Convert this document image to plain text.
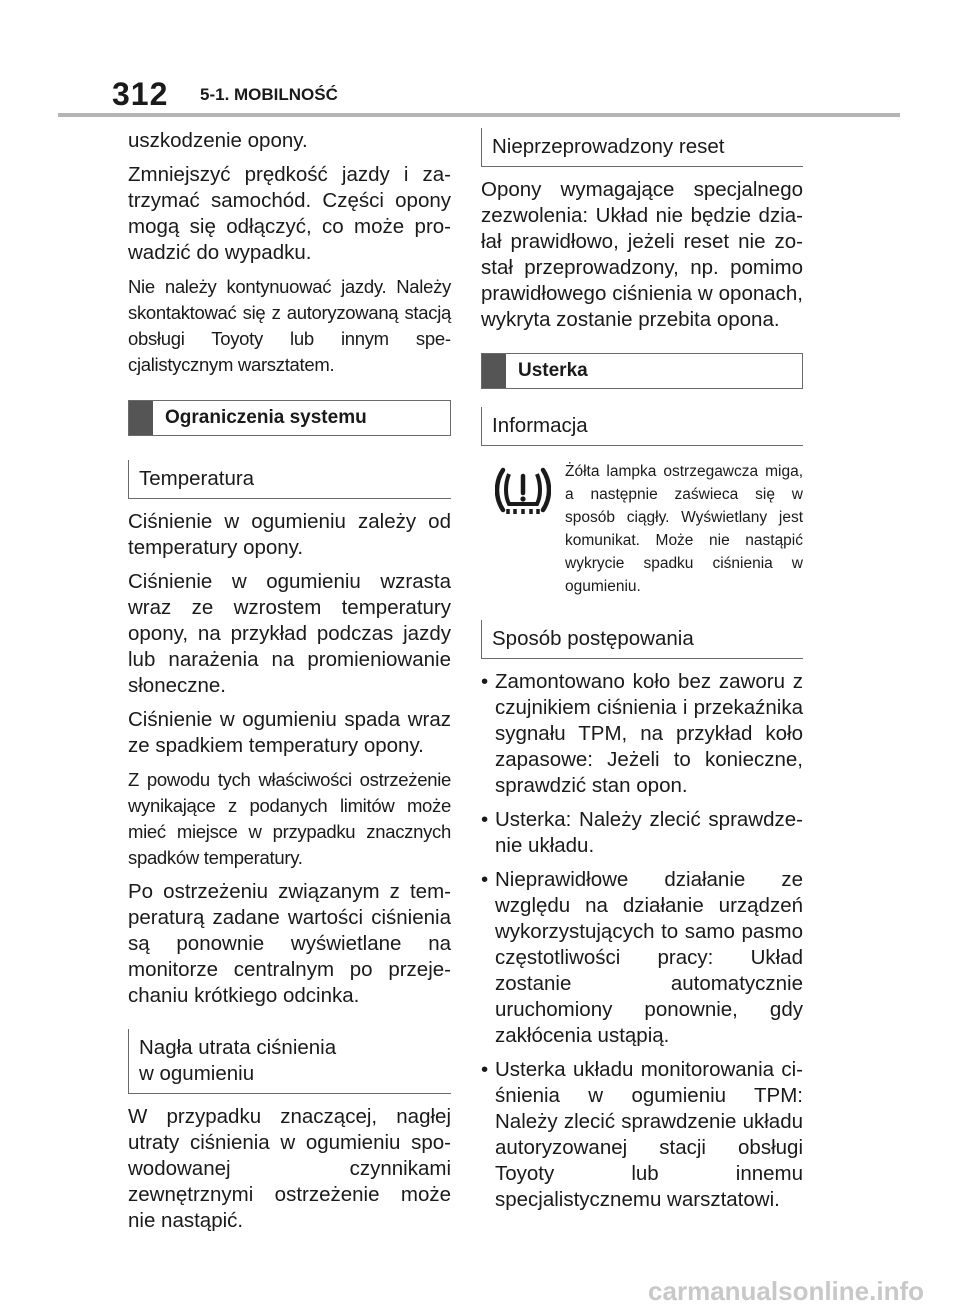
312 5-1. MOBILNOŚĆ

uszkodzenie opony.

Zmniejszyć prędkość jazdy i zatrzymać samochód. Części opony mogą się odłączyć, co może prowadzić do wypadku.

Nie należy kontynuować jazdy. Należy skontaktować się z autoryzowaną stacją obsługi Toyoty lub innym specjalistycznym warsztatem.

Ograniczenia systemu
Temperatura

Ciśnienie w ogumieniu zależy od temperatury opony.

Ciśnienie w ogumieniu wzrasta wraz ze wzrostem temperatury opony, na przykład podczas jazdy lub narażenia na promieniowanie słoneczne.

Ciśnienie w ogumieniu spada wraz ze spadkiem temperatury opony.

Z powodu tych właściwości ostrzeżenie wynikające z podanych limitów może mieć miejsce w przypadku znacznych spadków temperatury.

Po ostrzeżeniu związanym z temperaturą zadane wartości ciśnienia są ponownie wyświetlane na monitorze centralnym po przejechaniu krótkiego odcinka.

Nagła utrata ciśnienia
w ogumieniu

W przypadku znaczącej, nagłej utraty ciśnienia w ogumieniu spowodowanej czynnikami zewnętrznymi ostrzeżenie może nie nastąpić.

Nieprzeprowadzony reset

Opony wymagające specjalnego zezwolenia: Układ nie będzie działał prawidłowo, jeżeli reset nie został przeprowadzony, np. pomimo prawidłowego ciśnienia w oponach, wykryta zostanie przebita opona.

Usterka
Informacja
Żółta lampka ostrzegawcza miga, a następnie zaświeca się w sposób ciągły. Wyświetlany jest komunikat. Może nie nastąpić wykrycie spadku ciśnienia w ogumieniu.
Sposób postępowania
• Zamontowano koło bez zaworu z czujnikiem ciśnienia i przekaźnika sygnału TPM, na przykład koło zapasowe: Jeżeli to konieczne, sprawdzić stan opon.
• Usterka: Należy zlecić sprawdzenie układu.
• Nieprawidłowe działanie ze względu na działanie urządzeń wykorzystujących to samo pasmo częstotliwości pracy: Układ zostanie automatycznie uruchomiony ponownie, gdy zakłócenia ustąpią.
• Usterka układu monitorowania ciśnienia w ogumieniu TPM: Należy zlecić sprawdzenie układu autoryzowanej stacji obsługi Toyoty lub innemu specjalistycznemu warsztatowi.
carmanualsonline.info
